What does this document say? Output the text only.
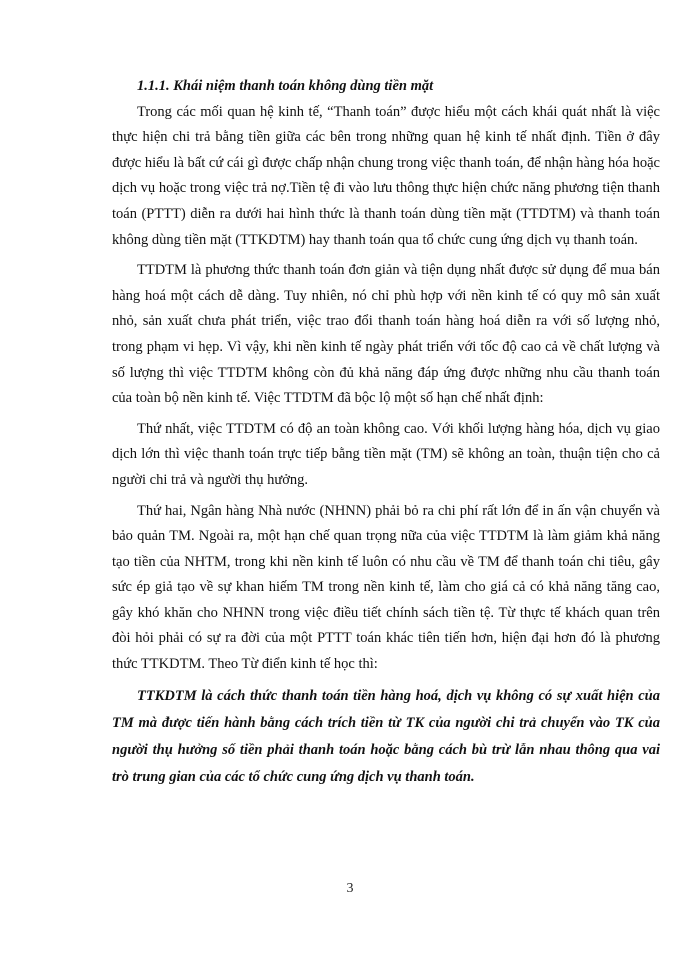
1.1.1. Khái niệm thanh toán không dùng tiền mặt

Trong các mối quan hệ kinh tế, “Thanh toán” được hiểu một cách khái quát nhất là việc thực hiện chi trả bằng tiền giữa các bên trong những quan hệ kinh tế nhất định. Tiền ở đây được hiểu là bất cứ cái gì được chấp nhận chung trong việc thanh toán, để nhận hàng hóa hoặc dịch vụ hoặc trong việc trả nợ.Tiền tệ đi vào lưu thông thực hiện chức năng phương tiện thanh toán (PTTT) diễn ra dưới hai hình thức là thanh toán dùng tiền mặt (TTDTM) và thanh toán không dùng tiền mặt (TTKDTM) hay thanh toán qua tổ chức cung ứng dịch vụ thanh toán.

TTDTM là phương thức thanh toán đơn giản và tiện dụng nhất được sử dụng để mua bán hàng hoá một cách dễ dàng. Tuy nhiên, nó chỉ phù hợp với nền kinh tế có quy mô sản xuất nhỏ, sản xuất chưa phát triển, việc trao đổi thanh toán hàng hoá diễn ra với số lượng nhỏ, trong phạm vi hẹp. Vì vậy, khi nền kinh tế ngày phát triển với tốc độ cao cả về chất lượng và số lượng thì việc TTDTM không còn đủ khả năng đáp ứng được những nhu cầu thanh toán của toàn bộ nền kinh tế. Việc TTDTM đã bộc lộ một số hạn chế nhất định:

Thứ nhất, việc TTDTM có độ an toàn không cao. Với khối lượng hàng hóa, dịch vụ giao dịch lớn thì việc thanh toán trực tiếp bằng tiền mặt (TM) sẽ không an toàn, thuận tiện cho cả người chi trả và người thụ hưởng.

Thứ hai, Ngân hàng Nhà nước (NHNN) phải bỏ ra chi phí rất lớn để in ấn vận chuyển và bảo quản TM. Ngoài ra, một hạn chế quan trọng nữa của việc TTDTM là làm giảm khả năng tạo tiền của NHTM, trong khi nền kinh tế luôn có nhu cầu về TM để thanh toán chi tiêu, gây sức ép giả tạo về sự khan hiếm TM trong nền kinh tế, làm cho giá cả có khả năng tăng cao, gây khó khăn cho NHNN trong việc điều tiết chính sách tiền tệ. Từ thực tế khách quan trên đòi hỏi phải có sự ra đời của một PTTT toán khác tiên tiến hơn, hiện đại hơn đó là phương thức TTKDTM. Theo Từ điển kinh tế học thì:

TTKDTM là cách thức thanh toán tiền hàng hoá, dịch vụ không có sự xuất hiện của TM mà được tiến hành bằng cách trích tiền từ TK của người chi trả chuyển vào TK của người thụ hưởng số tiền phải thanh toán hoặc bằng cách bù trừ lẫn nhau thông qua vai trò trung gian của các tổ chức cung ứng dịch vụ thanh toán.

3
